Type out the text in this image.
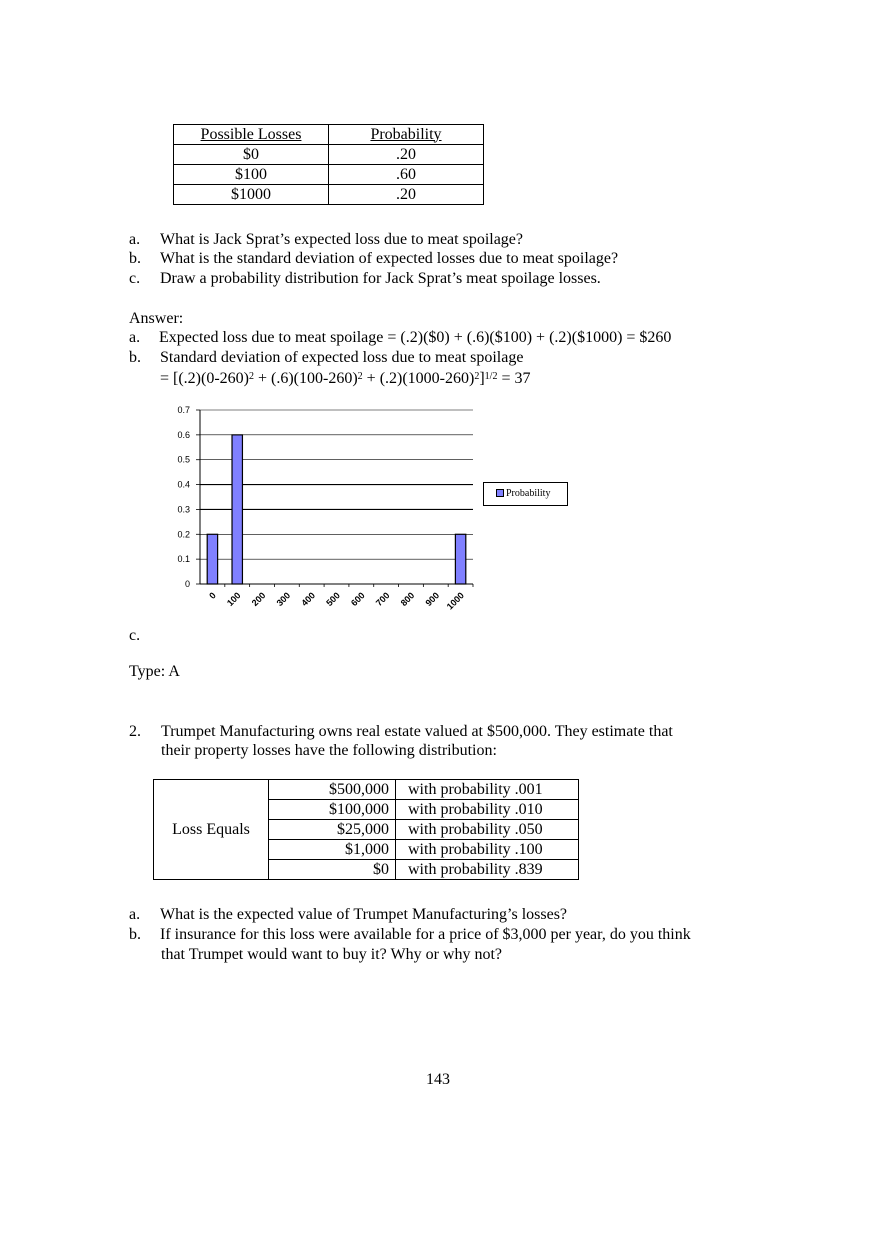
Possible Losses	Probability
$0	.20
$100	.60
$1000	.20
a.	What is Jack Sprat’s expected loss due to meat spoilage?
b.	What is the standard deviation of expected losses due to meat spoilage?
c.	Draw a probability distribution for Jack Sprat’s meat spoilage losses.
Answer:
a.	Expected loss due to meat spoilage = (.2)($0) + (.6)($100) + (.2)($1000) = $260
b.	Standard deviation of expected loss due to meat spoilage
= $[(.2)(0-260)^2 + (.6)(100-260)^2 + (.2)(1000-260)^2]^{1/2} = 37$
0
0.1
0.2
0.3
0.4
0.5
0.6
0.7
0 100 200 300 400 500 600 700 800 900 1000
Probability
c.
Type: A
2.	Trumpet Manufacturing owns real estate valued at $500,000. They estimate that
their property losses have the following distribution:
Loss Equals	$500,000	with probability .001
	$100,000	with probability .010
	$25,000	with probability .050
	$1,000	with probability .100
	$0	with probability .839
a.	What is the expected value of Trumpet Manufacturing’s losses?
b.	If insurance for this loss were available for a price of $3,000 per year, do you think
that Trumpet would want to buy it? Why or why not?
143
